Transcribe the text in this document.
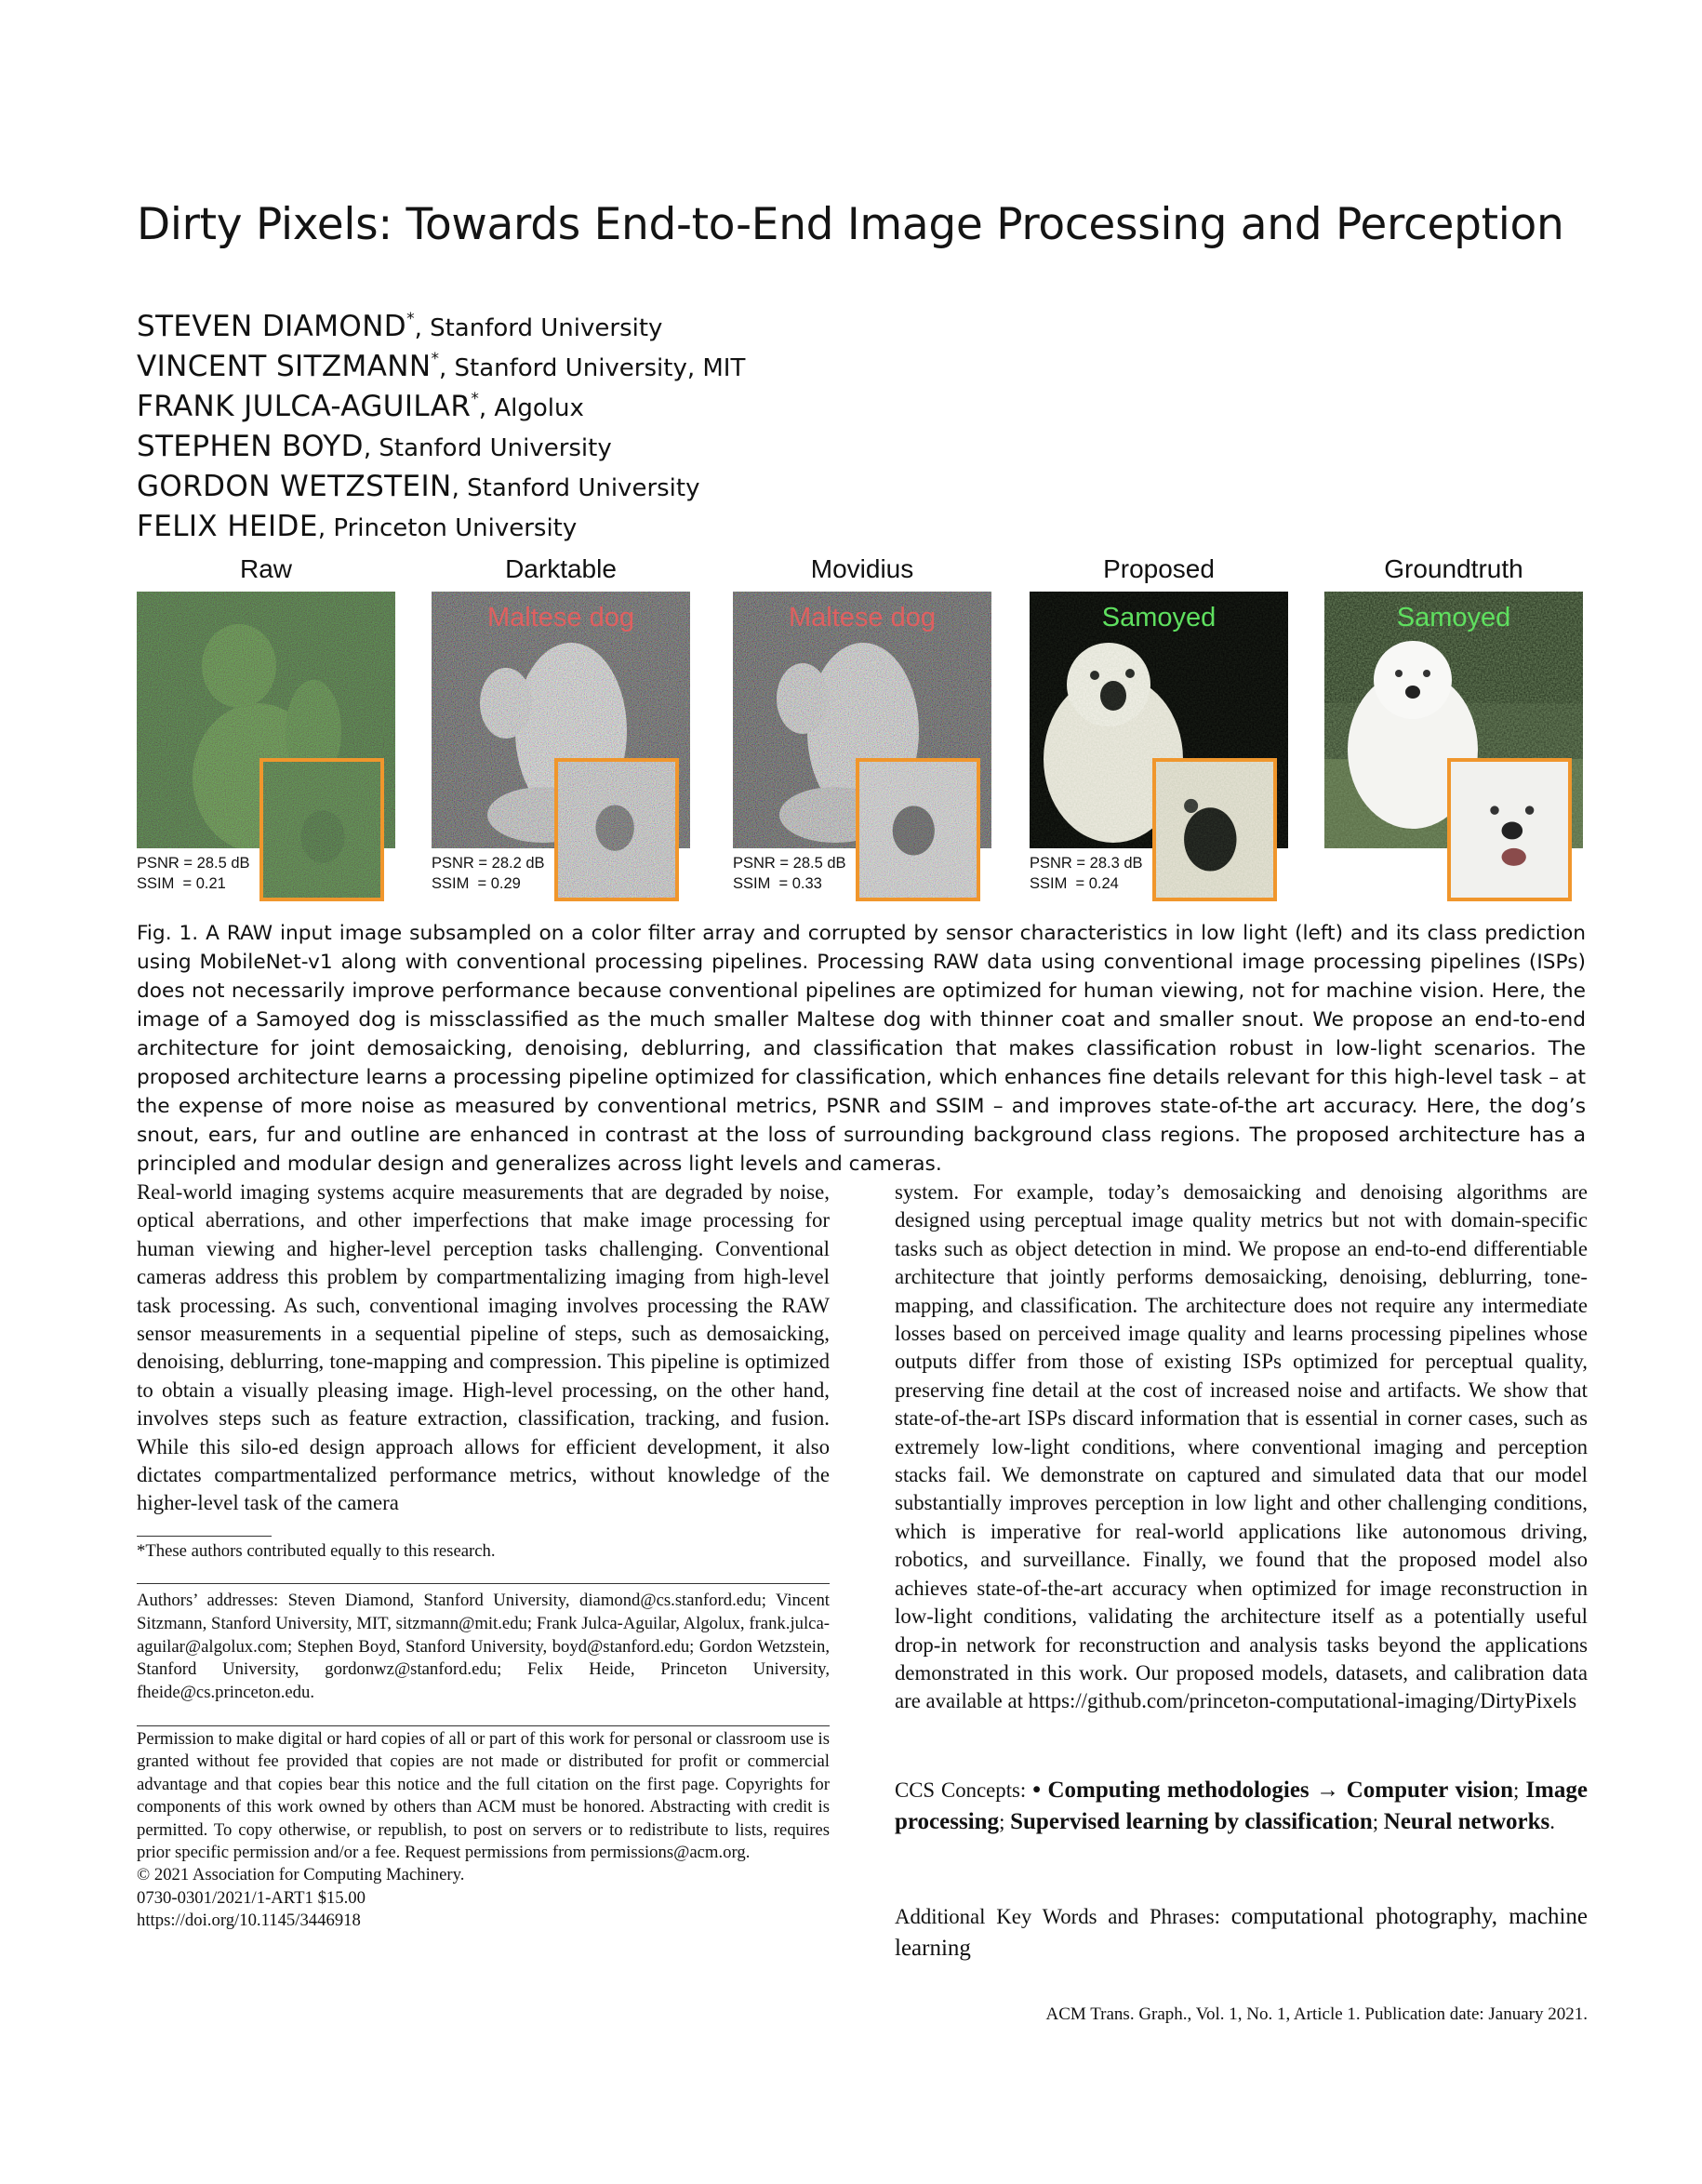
Dirty Pixels: Towards End-to-End Image Processing and Perception
STEVEN DIAMOND*, Stanford University
VINCENT SITZMANN*, Stanford University, MIT
FRANK JULCA-AGUILAR*, Algolux
STEPHEN BOYD, Stanford University
GORDON WETZSTEIN, Stanford University
FELIX HEIDE, Princeton University
Raw	Darktable	Movidius	Proposed	Groundtruth
Maltese dog	Maltese dog	Samoyed	Samoyed
PSNR = 28.5 dB
SSIM  = 0.21
PSNR = 28.2 dB
SSIM  = 0.29
PSNR = 28.5 dB
SSIM  = 0.33
PSNR = 28.3 dB
SSIM  = 0.24

Fig. 1. A RAW input image subsampled on a color filter array and corrupted by sensor characteristics in low light (left) and its class prediction using MobileNet-v1 along with conventional processing pipelines. Processing RAW data using conventional image processing pipelines (ISPs) does not necessarily improve performance because conventional pipelines are optimized for human viewing, not for machine vision. Here, the image of a Samoyed dog is missclassified as the much smaller Maltese dog with thinner coat and smaller snout. We propose an end-to-end architecture for joint demosaicking, denoising, deblurring, and classification that makes classification robust in low-light scenarios. The proposed architecture learns a processing pipeline optimized for classification, which enhances fine details relevant for this high-level task – at the expense of more noise as measured by conventional metrics, PSNR and SSIM – and improves state-of-the art accuracy. Here, the dog’s snout, ears, fur and outline are enhanced in contrast at the loss of surrounding background class regions. The proposed architecture has a principled and modular design and generalizes across light levels and cameras.

Real-world imaging systems acquire measurements that are degraded by noise, optical aberrations, and other imperfections that make image processing for human viewing and higher-level perception tasks challenging. Conventional cameras address this problem by compartmentalizing imaging from high-level task processing. As such, conventional imaging involves processing the RAW sensor measurements in a sequential pipeline of steps, such as demosaicking, denoising, deblurring, tone-mapping and compression. This pipeline is optimized to obtain a visually pleasing image. High-level processing, on the other hand, involves steps such as feature extraction, classification, tracking, and fusion. While this silo-ed design approach allows for efficient development, it also dictates compartmentalized performance metrics, without knowledge of the higher-level task of the camera

*These authors contributed equally to this research.
Authors’ addresses: Steven Diamond, Stanford University, diamond@cs.stanford.edu; Vincent Sitzmann, Stanford University, MIT, sitzmann@mit.edu; Frank Julca-Aguilar, Algolux, frank.julca-aguilar@algolux.com; Stephen Boyd, Stanford University, boyd@stanford.edu; Gordon Wetzstein, Stanford University, gordonwz@stanford.edu; Felix Heide, Princeton University, fheide@cs.princeton.edu.

Permission to make digital or hard copies of all or part of this work for personal or classroom use is granted without fee provided that copies are not made or distributed for profit or commercial advantage and that copies bear this notice and the full citation on the first page. Copyrights for components of this work owned by others than ACM must be honored. Abstracting with credit is permitted. To copy otherwise, or republish, to post on servers or to redistribute to lists, requires prior specific permission and/or a fee. Request permissions from permissions@acm.org.

© 2021 Association for Computing Machinery.
0730-0301/2021/1-ART1 $15.00
https://doi.org/10.1145/3446918

system. For example, today’s demosaicking and denoising algorithms are designed using perceptual image quality metrics but not with domain-specific tasks such as object detection in mind. We propose an end-to-end differentiable architecture that jointly performs demosaicking, denoising, deblurring, tone-mapping, and classification. The architecture does not require any intermediate losses based on perceived image quality and learns processing pipelines whose outputs differ from those of existing ISPs optimized for perceptual quality, preserving fine detail at the cost of increased noise and artifacts. We show that state-of-the-art ISPs discard information that is essential in corner cases, such as extremely low-light conditions, where conventional imaging and perception stacks fail. We demonstrate on captured and simulated data that our model substantially improves perception in low light and other challenging conditions, which is imperative for real-world applications like autonomous driving, robotics, and surveillance. Finally, we found that the proposed model also achieves state-of-the-art accuracy when optimized for image reconstruction in low-light conditions, validating the architecture itself as a potentially useful drop-in network for reconstruction and analysis tasks beyond the applications demonstrated in this work. Our proposed models, datasets, and calibration data are available at https://github.com/princeton-computational-imaging/DirtyPixels

CCS Concepts: • Computing methodologies → Computer vision; Image processing; Supervised learning by classification; Neural networks.
Additional Key Words and Phrases: computational photography, machine learning
ACM Trans. Graph., Vol. 1, No. 1, Article 1. Publication date: January 2021.
